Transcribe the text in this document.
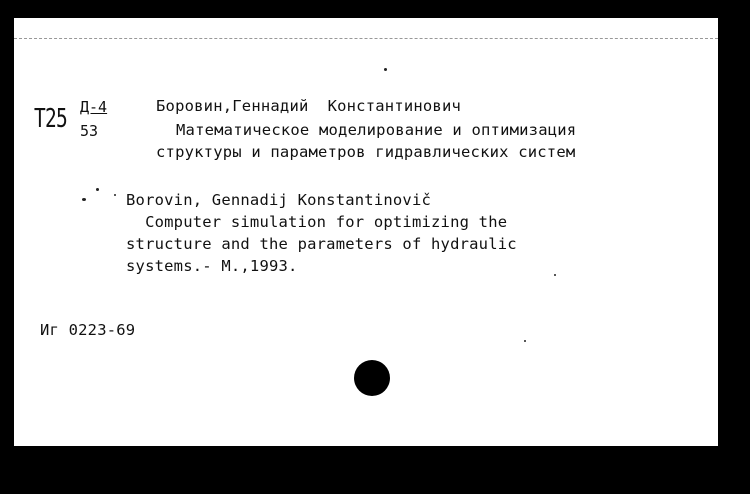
T25 Д-4
53
Боровин,Геннадий  Константинович
Математическое моделирование и оптимизация
структуры и параметров гидравлических систем
Borovin, Gennadij Konstantinovič
Computer simulation for optimizing the
structure and the parameters of hydraulic
systems.- M.,1993.
Иг 0223-69
